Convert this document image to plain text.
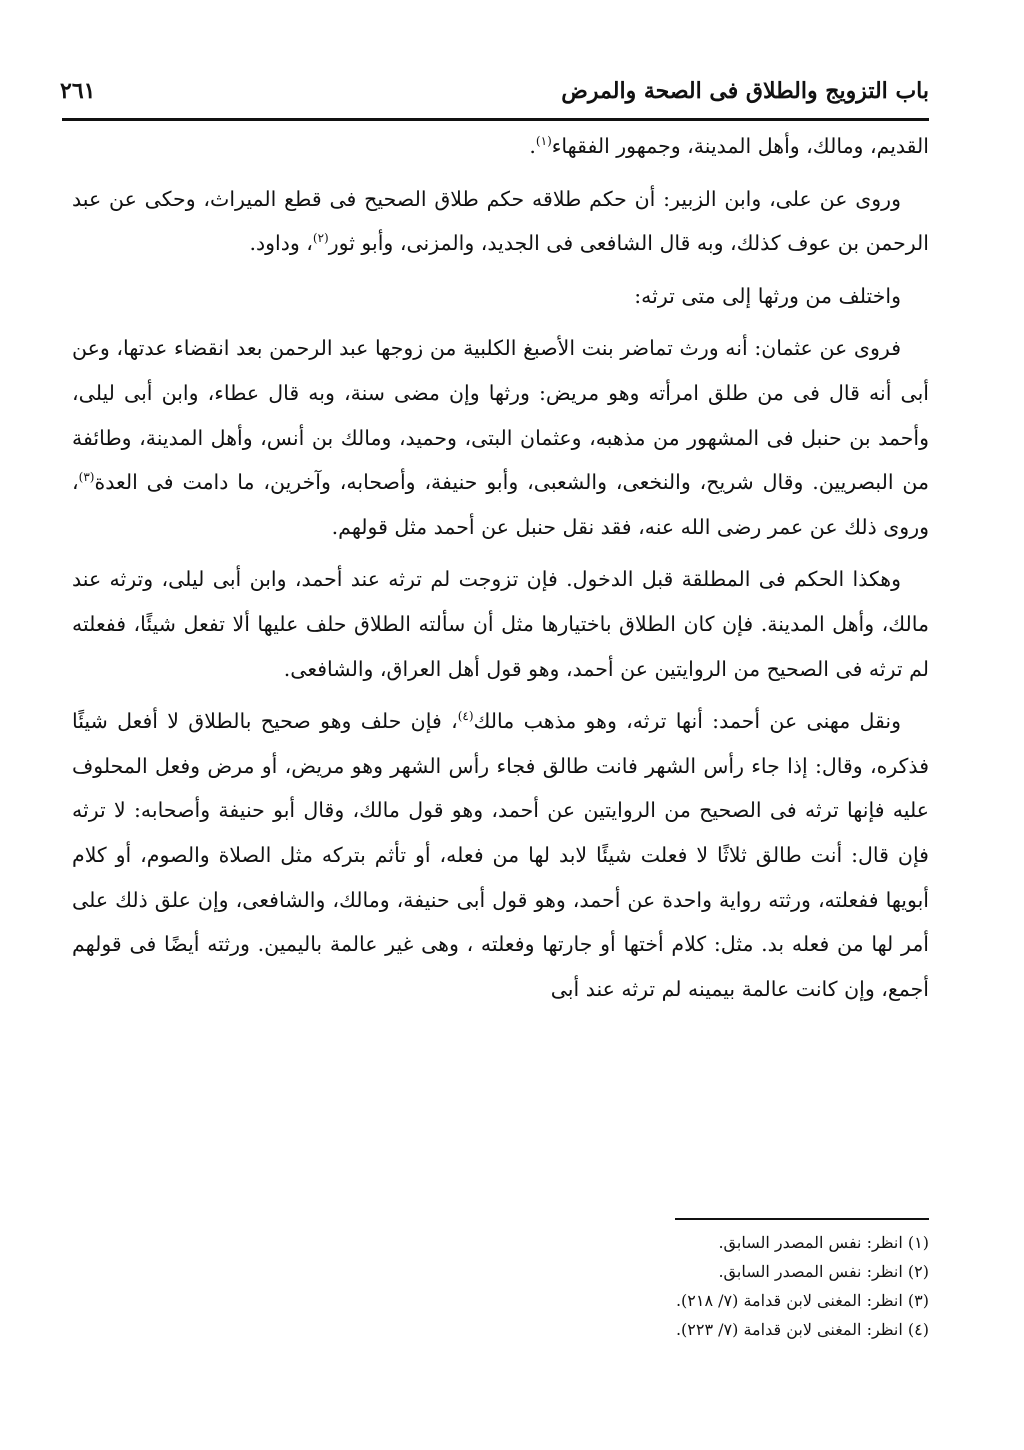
باب التزويج والطلاق فى الصحة والمرض
٢٦١

القديم، ومالك، وأهل المدينة، وجمهور الفقهاء$^{(١)}$.

وروى عن على، وابن الزبير: أن حكم طلاقه حكم طلاق الصحيح فى قطع الميراث، وحكى عن عبد الرحمن بن عوف كذلك، وبه قال الشافعى فى الجديد، والمزنى، وأبو ثور$^{(٢)}$، وداود.

واختلف من ورثها إلى متى ترثه:

فروى عن عثمان: أنه ورث تماضر بنت الأصبغ الكلبية من زوجها عبد الرحمن بعد انقضاء عدتها، وعن أبى أنه قال فى من طلق امرأته وهو مريض: ورثها وإن مضى سنة، وبه قال عطاء، وابن أبى ليلى، وأحمد بن حنبل فى المشهور من مذهبه، وعثمان البتى، وحميد، ومالك بن أنس، وأهل المدينة، وطائفة من البصريين. وقال شريح، والنخعى، والشعبى، وأبو حنيفة، وأصحابه، وآخرين، ما دامت فى العدة$^{(٣)}$، وروى ذلك عن عمر رضى الله عنه، فقد نقل حنبل عن أحمد مثل قولهم.

وهكذا الحكم فى المطلقة قبل الدخول. فإن تزوجت لم ترثه عند أحمد، وابن أبى ليلى، وترثه عند مالك، وأهل المدينة. فإن كان الطلاق باختيارها مثل أن سألته الطلاق حلف عليها ألا تفعل شيئًا، ففعلته لم ترثه فى الصحيح من الروايتين عن أحمد، وهو قول أهل العراق، والشافعى.

ونقل مهنى عن أحمد: أنها ترثه، وهو مذهب مالك$^{(٤)}$، فإن حلف وهو صحيح بالطلاق لا أفعل شيئًا فذكره، وقال: إذا جاء رأس الشهر فانت طالق فجاء رأس الشهر وهو مريض، أو مرض وفعل المحلوف عليه فإنها ترثه فى الصحيح من الروايتين عن أحمد، وهو قول مالك، وقال أبو حنيفة وأصحابه: لا ترثه فإن قال: أنت طالق ثلاثًا لا فعلت شيئًا لابد لها من فعله، أو تأثم بتركه مثل الصلاة والصوم، أو كلام أبويها ففعلته، ورثته رواية واحدة عن أحمد، وهو قول أبى حنيفة، ومالك، والشافعى، وإن علق ذلك على أمر لها من فعله بد. مثل: كلام أختها أو جارتها وفعلته ، وهى غير عالمة باليمين. ورثته أيضًا فى قولهم أجمع، وإن كانت عالمة بيمينه لم ترثه عند أبى

(١) انظر: نفس المصدر السابق.
(٢) انظر: نفس المصدر السابق.
(٣) انظر: المغنى لابن قدامة (٧/ ٢١٨).
(٤) انظر: المغنى لابن قدامة (٧/ ٢٢٣).
